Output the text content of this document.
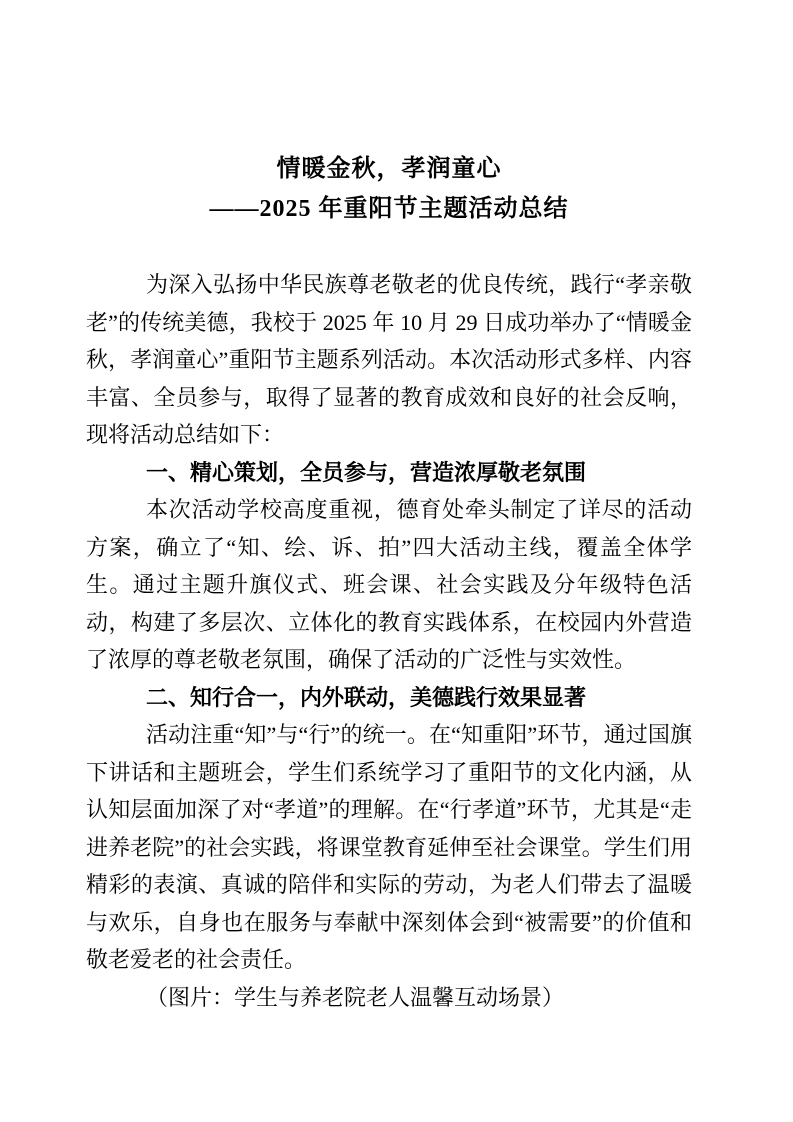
情暖金秋，孝润童心
——2025 年重阳节主题活动总结

为深入弘扬中华民族尊老敬老的优良传统，践行“孝亲敬老”的传统美德，我校于 2025 年 10 月 29 日成功举办了“情暖金秋，孝润童心”重阳节主题系列活动。本次活动形式多样、内容丰富、全员参与，取得了显著的教育成效和良好的社会反响，现将活动总结如下：

一、精心策划，全员参与，营造浓厚敬老氛围

本次活动学校高度重视，德育处牵头制定了详尽的活动方案，确立了“知、绘、诉、拍”四大活动主线，覆盖全体学生。通过主题升旗仪式、班会课、社会实践及分年级特色活动，构建了多层次、立体化的教育实践体系，在校园内外营造了浓厚的尊老敬老氛围，确保了活动的广泛性与实效性。

二、知行合一，内外联动，美德践行效果显著

活动注重“知”与“行”的统一。在“知重阳”环节，通过国旗下讲话和主题班会，学生们系统学习了重阳节的文化内涵，从认知层面加深了对“孝道”的理解。在“行孝道”环节，尤其是“走进养老院”的社会实践，将课堂教育延伸至社会课堂。学生们用精彩的表演、真诚的陪伴和实际的劳动，为老人们带去了温暖与欢乐，自身也在服务与奉献中深刻体会到“被需要”的价值和敬老爱老的社会责任。

（图片：学生与养老院老人温馨互动场景）
